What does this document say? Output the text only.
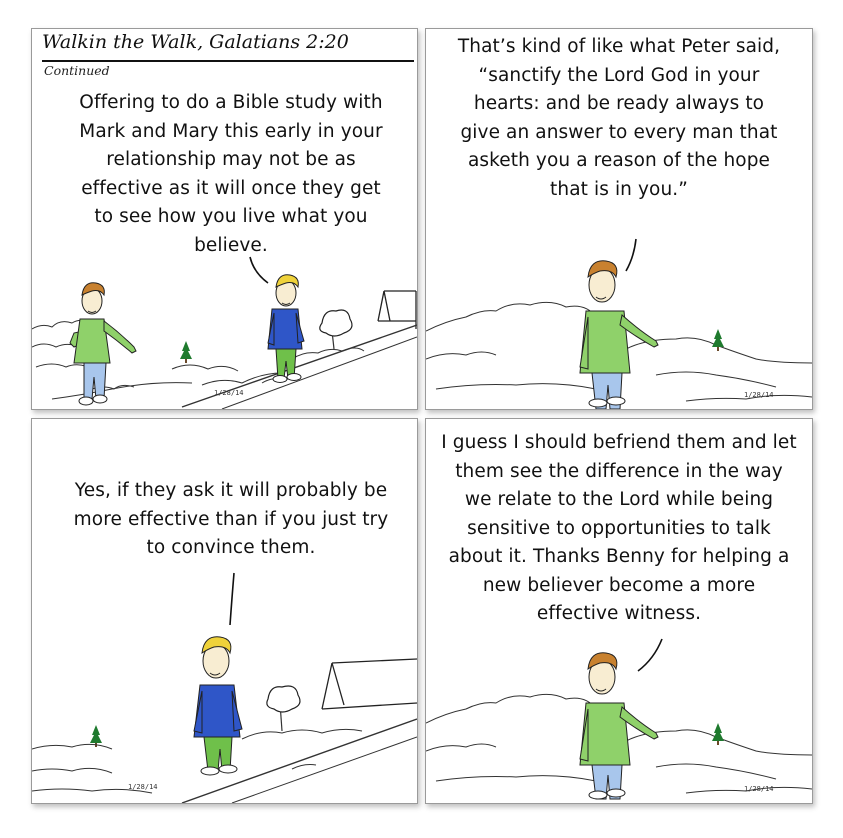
Walkin the Walk, Galatians 2:20
Continued
Offering to do a Bible study with Mark and Mary this early in your relationship may not be as effective as it will once they get to see how you live what you believe.
1/28/14
That’s kind of like what Peter said, “sanctify the Lord God in your hearts: and be ready always to give an answer to every man that asketh you a reason of the hope that is in you.”
1/28/14
Yes, if they ask it will probably be more effective than if you just try to convince them.
1/28/14
I guess I should befriend them and let them see the difference in the way we relate to the Lord while being sensitive to opportunities to talk about it. Thanks Benny for helping a new believer become a more effective witness.
1/28/14
